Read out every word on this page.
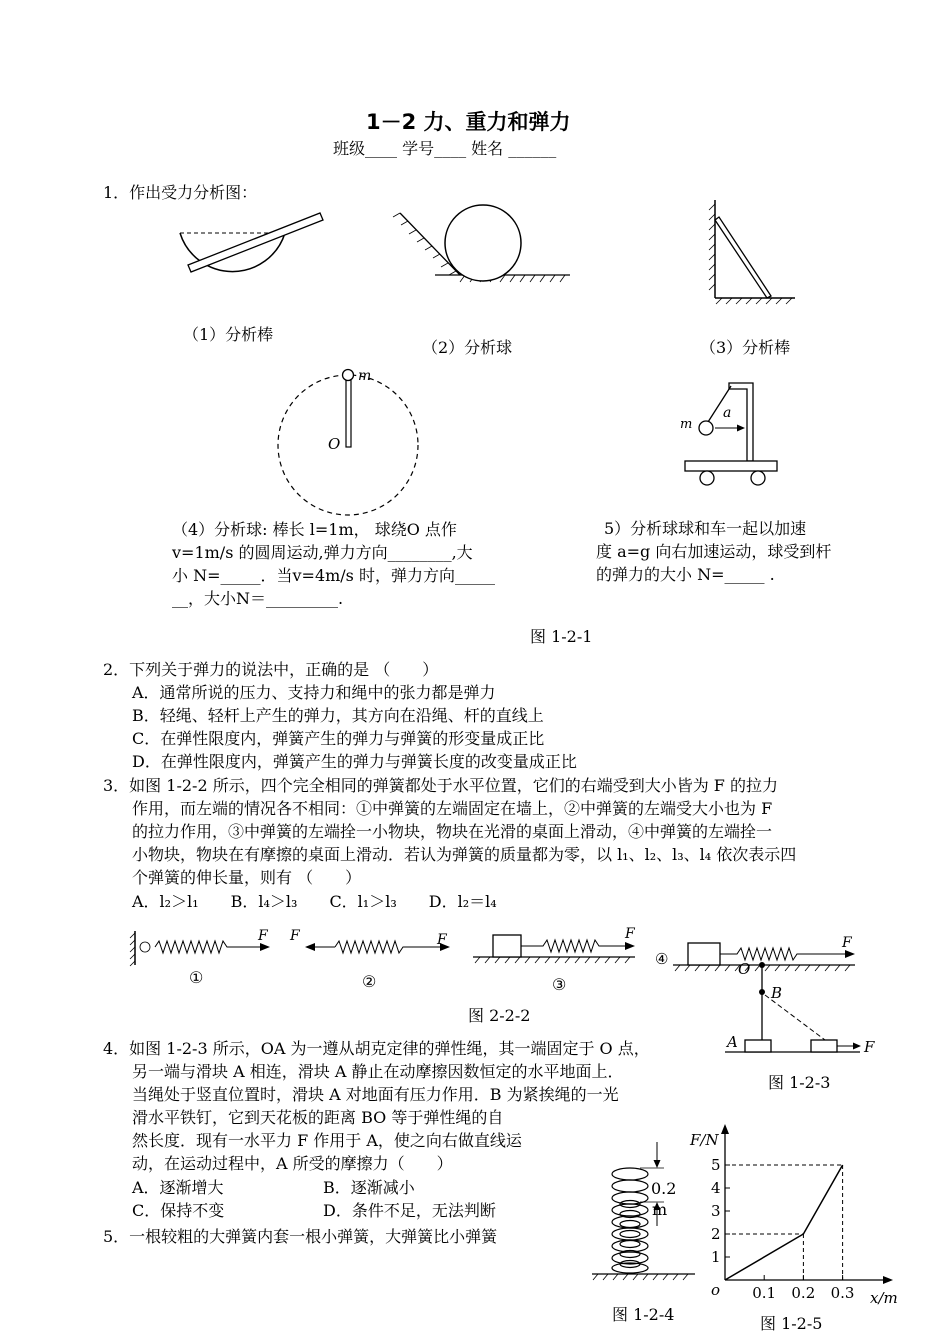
1－2 力、重力和弹力
班级____ 学号____ 姓名 ______
1．作出受力分析图：
（1）分析棒
（2）分析球	（3）分析棒
m
O
a
m
（4）分析球: 棒长 l=1m， 球绕O 点作
v=1m/s 的圆周运动,弹力方向________,大
小 N=_____．当v=4m/s 时，弹力方向_____
__，大小N＝_________.
5）分析球球和车一起以加速
度 a=g 向右加速运动，球受到杆
的弹力的大小 N=_____ .
图 1-2-1
2．下列关于弹力的说法中，正确的是 （　　）
A．通常所说的压力、支持力和绳中的张力都是弹力
B．轻绳、轻杆上产生的弹力，其方向在沿绳、杆的直线上
C．在弹性限度内，弹簧产生的弹力与弹簧的形变量成正比
D．在弹性限度内，弹簧产生的弹力与弹簧长度的改变量成正比
3．如图 1-2-2 所示，四个完全相同的弹簧都处于水平位置，它们的右端受到大小皆为 F 的拉力
作用，而左端的情况各不相同：①中弹簧的左端固定在墙上，②中弹簧的左端受大小也为 F
的拉力作用，③中弹簧的左端拴一小物块，物块在光滑的桌面上滑动，④中弹簧的左端拴一
小物块，物块在有摩擦的桌面上滑动．若认为弹簧的质量都为零，以 l₁、l₂、l₃、l₄ 依次表示四
个弹簧的伸长量，则有 （　　）
A．l₂＞l₁　　B．l₄＞l₃　　C．l₁＞l₃　　D．l₂＝l₄
F
①
F	F
②
F
③
④
F
图 2-2-2
4．如图 1-2-3 所示，OA 为一遵从胡克定律的弹性绳，其一端固定于 O 点，
另一端与滑块 A 相连，滑块 A 静止在动摩擦因数恒定的水平地面上．
当绳处于竖直位置时，滑块 A 对地面有压力作用．B 为紧挨绳的一光
滑水平铁钉，它到天花板的距离 BO 等于弹性绳的自
然长度．现有一水平力 F 作用于 A，使之向右做直线运
动，在运动过程中，A 所受的摩擦力（　　）
A．逐渐增大	B．逐渐减小
C．保持不变	D．条件不足，无法判断
O
B
A	F
图 1-2-3
5．一根较粗的大弹簧内套一根小弹簧，大弹簧比小弹簧
0.2
m
图 1-2-4
1
2
3
4
5
0.1 0.2 0.3
F/N
x/m
o
图 1-2-5
